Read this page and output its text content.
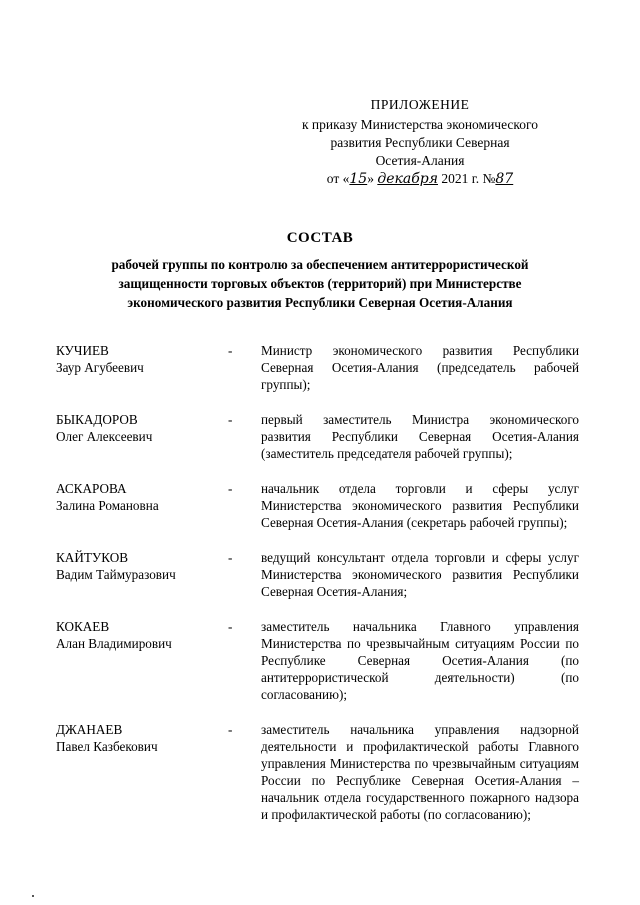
ПРИЛОЖЕНИЕ
к приказу Министерства экономического
развития Республики Северная
Осетия-Алания
от «15» декабря 2021 г. №87
СОСТАВ
рабочей группы по контролю за обеспечением антитеррористической
защищенности торговых объектов (территорий) при Министерстве
экономического развития Республики Северная Осетия-Алания
КУЧИЕВ
Заур Агубеевич
- Министр экономического развития Республики Северная Осетия-Алания (председатель рабочей группы);
БЫКАДОРОВ
Олег Алексеевич
- первый заместитель Министра экономического развития Республики Северная Осетия-Алания (заместитель председателя рабочей группы);
АСКАРОВА
Залина Романовна
- начальник отдела торговли и сферы услуг Министерства экономического развития Республики Северная Осетия-Алания (секретарь рабочей группы);
КАЙТУКОВ
Вадим Таймуразович
- ведущий консультант отдела торговли и сферы услуг Министерства экономического развития Республики Северная Осетия-Алания;
КОКАЕВ
Алан Владимирович
- заместитель начальника Главного управления Министерства по чрезвычайным ситуациям России по Республике Северная Осетия-Алания (по антитеррористической деятельности) (по согласованию);
ДЖАНАЕВ
Павел Казбекович
- заместитель начальника управления надзорной деятельности и профилактической работы Главного управления Министерства по чрезвычайным ситуациям России по Республике Северная Осетия-Алания – начальник отдела государственного пожарного надзора и профилактической работы (по согласованию);
